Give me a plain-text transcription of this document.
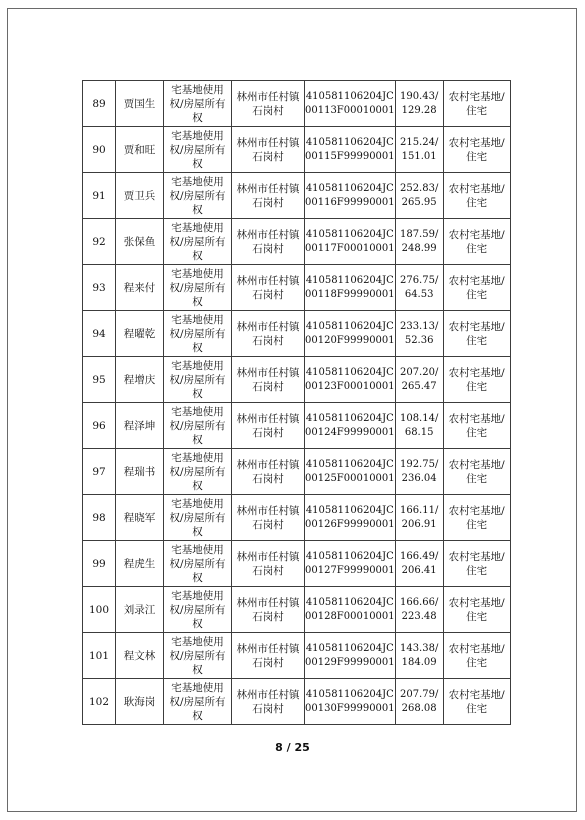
89	贾国生	宅基地使用
权/房屋所有
权	林州市任村镇
石岗村	410581106204JC
00113F00010001	190.43/
129.28	农村宅基地/
住宅

90	贾和旺	宅基地使用
权/房屋所有
权	林州市任村镇
石岗村	410581106204JC
00115F99990001	215.24/
151.01	农村宅基地/
住宅

91	贾卫兵	宅基地使用
权/房屋所有
权	林州市任村镇
石岗村	410581106204JC
00116F99990001	252.83/
265.95	农村宅基地/
住宅

92	张保鱼	宅基地使用
权/房屋所有
权	林州市任村镇
石岗村	410581106204JC
00117F00010001	187.59/
248.99	农村宅基地/
住宅

93	程来付	宅基地使用
权/房屋所有
权	林州市任村镇
石岗村	410581106204JC
00118F99990001	276.75/
64.53	农村宅基地/
住宅

94	程曜乾	宅基地使用
权/房屋所有
权	林州市任村镇
石岗村	410581106204JC
00120F99990001	233.13/
52.36	农村宅基地/
住宅

95	程增庆	宅基地使用
权/房屋所有
权	林州市任村镇
石岗村	410581106204JC
00123F00010001	207.20/
265.47	农村宅基地/
住宅

96	程泽坤	宅基地使用
权/房屋所有
权	林州市任村镇
石岗村	410581106204JC
00124F99990001	108.14/
68.15	农村宅基地/
住宅

97	程瑞书	宅基地使用
权/房屋所有
权	林州市任村镇
石岗村	410581106204JC
00125F00010001	192.75/
236.04	农村宅基地/
住宅

98	程晓军	宅基地使用
权/房屋所有
权	林州市任村镇
石岗村	410581106204JC
00126F99990001	166.11/
206.91	农村宅基地/
住宅

99	程虎生	宅基地使用
权/房屋所有
权	林州市任村镇
石岗村	410581106204JC
00127F99990001	166.49/
206.41	农村宅基地/
住宅

100	刘录江	宅基地使用
权/房屋所有
权	林州市任村镇
石岗村	410581106204JC
00128F00010001	166.66/
223.48	农村宅基地/
住宅

101	程文林	宅基地使用
权/房屋所有
权	林州市任村镇
石岗村	410581106204JC
00129F99990001	143.38/
184.09	农村宅基地/
住宅

102	耿海岗	宅基地使用
权/房屋所有
权	林州市任村镇
石岗村	410581106204JC
00130F99990001	207.79/
268.08	农村宅基地/
住宅
8 / 25
